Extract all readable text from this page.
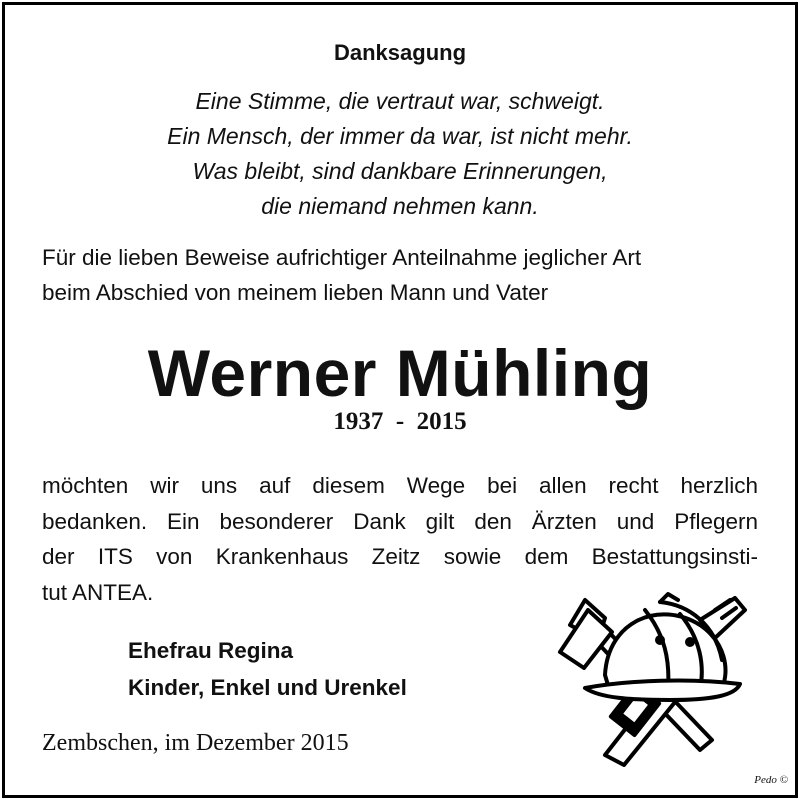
Danksagung
Eine Stimme, die vertraut war, schweigt.
Ein Mensch, der immer da war, ist nicht mehr.
Was bleibt, sind dankbare Erinnerungen,
die niemand nehmen kann.
Für die lieben Beweise aufrichtiger Anteilnahme jeglicher Art
beim Abschied von meinem lieben Mann und Vater
Werner Mühling
1937  -  2015
möchten wir uns auf diesem Wege bei allen recht herzlich
bedanken. Ein besonderer Dank gilt den Ärzten und Pflegern
der ITS von Krankenhaus Zeitz sowie dem Bestattungsinsti-
tut ANTEA.
Ehefrau Regina
Kinder, Enkel und Urenkel
Zembschen, im Dezember 2015
Pedo ©
